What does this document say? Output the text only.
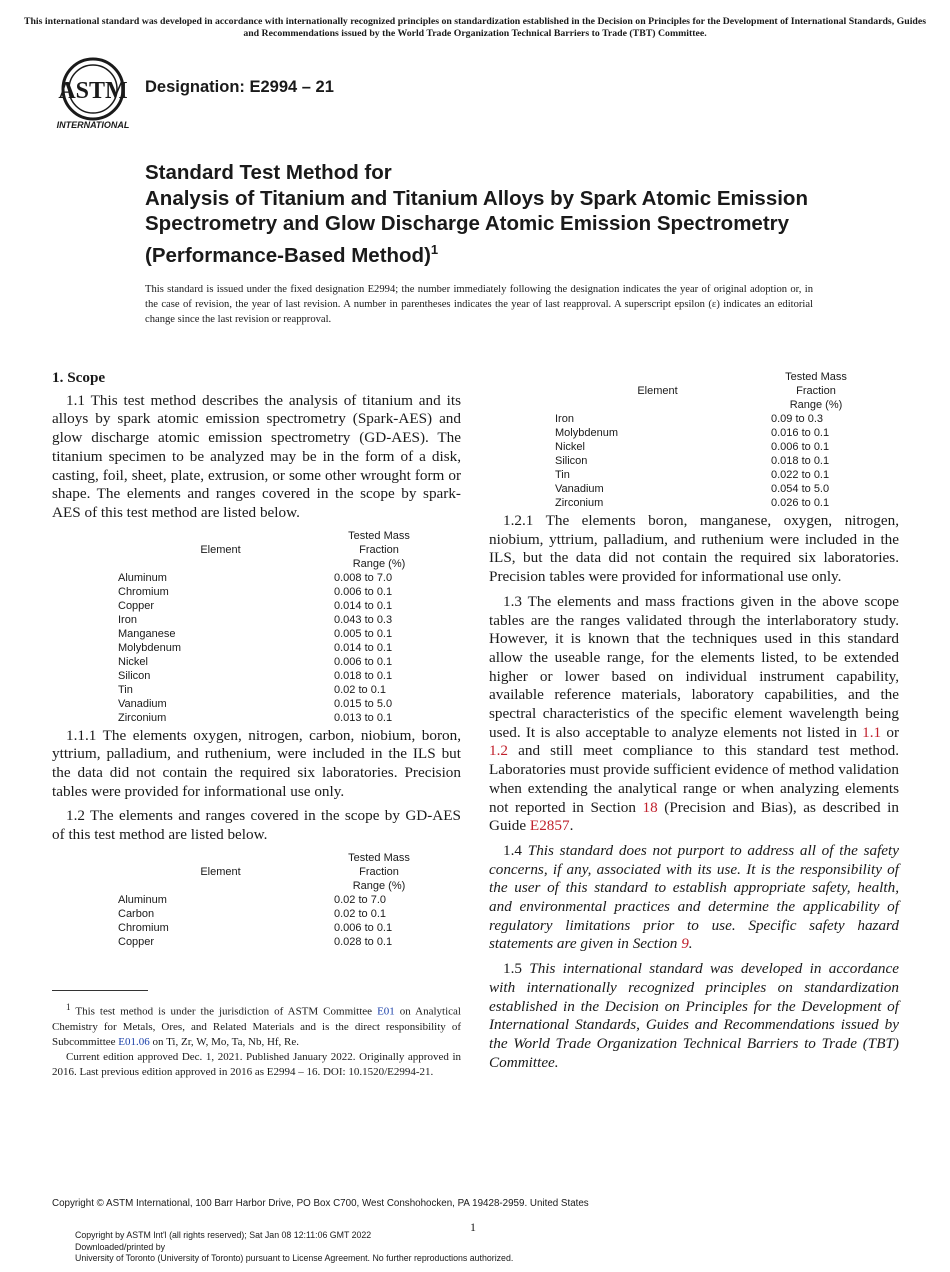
This international standard was developed in accordance with internationally recognized principles on standardization established in the Decision on Principles for the Development of International Standards, Guides and Recommendations issued by the World Trade Organization Technical Barriers to Trade (TBT) Committee.
ASTM
INTERNATIONAL
Designation: E2994 – 21
Standard Test Method for
Analysis of Titanium and Titanium Alloys by Spark Atomic Emission Spectrometry and Glow Discharge Atomic Emission Spectrometry (Performance-Based Method)$^1$
This standard is issued under the fixed designation E2994; the number immediately following the designation indicates the year of original adoption or, in the case of revision, the year of last revision. A number in parentheses indicates the year of last reapproval. A superscript epsilon (ε) indicates an editorial change since the last revision or reapproval.

1. Scope

1.1 This test method describes the analysis of titanium and its alloys by spark atomic emission spectrometry (Spark-AES) and glow discharge atomic emission spectrometry (GD-AES). The titanium specimen to be analyzed may be in the form of a disk, casting, foil, sheet, plate, extrusion, or some other wrought form or shape. The elements and ranges covered in the scope by spark-AES of this test method are listed below.

Element	Tested Mass
Fraction
Range (%)

Aluminum	0.008 to 7.0
Chromium	0.006 to 0.1
Copper	0.014 to 0.1
Iron	0.043 to 0.3
Manganese	0.005 to 0.1
Molybdenum	0.014 to 0.1
Nickel	0.006 to 0.1
Silicon	0.018 to 0.1
Tin	0.02 to 0.1
Vanadium	0.015 to 5.0
Zirconium	0.013 to 0.1

1.1.1 The elements oxygen, nitrogen, carbon, niobium, boron, yttrium, palladium, and ruthenium, were included in the ILS but the data did not contain the required six laboratories. Precision tables were provided for informational use only.

1.2 The elements and ranges covered in the scope by GD-AES of this test method are listed below.

Element	Tested Mass
Fraction
Range (%)

Aluminum	0.02 to 7.0
Carbon	0.02 to 0.1
Chromium	0.006 to 0.1
Copper	0.028 to 0.1

$^1$ This test method is under the jurisdiction of ASTM Committee E01 on Analytical Chemistry for Metals, Ores, and Related Materials and is the direct responsibility of Subcommittee E01.06 on Ti, Zr, W, Mo, Ta, Nb, Hf, Re.

Current edition approved Dec. 1, 2021. Published January 2022. Originally approved in 2016. Last previous edition approved in 2016 as E2994 – 16. DOI: 10.1520/E2994-21.

Element	Tested Mass
Fraction
Range (%)

Iron	0.09 to 0.3
Molybdenum	0.016 to 0.1
Nickel	0.006 to 0.1
Silicon	0.018 to 0.1
Tin	0.022 to 0.1
Vanadium	0.054 to 5.0
Zirconium	0.026 to 0.1

1.2.1 The elements boron, manganese, oxygen, nitrogen, niobium, yttrium, palladium, and ruthenium were included in the ILS, but the data did not contain the required six laboratories. Precision tables were provided for informational use only.

1.3 The elements and mass fractions given in the above scope tables are the ranges validated through the interlaboratory study. However, it is known that the techniques used in this standard allow the useable range, for the elements listed, to be extended higher or lower based on individual instrument capability, available reference materials, laboratory capabilities, and the spectral characteristics of the specific element wavelength being used. It is also acceptable to analyze elements not listed in 1.1 or 1.2 and still meet compliance to this standard test method. Laboratories must provide sufficient evidence of method validation when extending the analytical range or when analyzing elements not reported in Section 18 (Precision and Bias), as described in Guide E2857.

1.4 This standard does not purport to address all of the safety concerns, if any, associated with its use. It is the responsibility of the user of this standard to establish appropriate safety, health, and environmental practices and determine the applicability of regulatory limitations prior to use. Specific safety hazard statements are given in Section 9.

1.5 This international standard was developed in accordance with internationally recognized principles on standardization established in the Decision on Principles for the Development of International Standards, Guides and Recommendations issued by the World Trade Organization Technical Barriers to Trade (TBT) Committee.

Copyright © ASTM International, 100 Barr Harbor Drive, PO Box C700, West Conshohocken, PA 19428-2959. United States
1
Copyright by ASTM Int'l (all rights reserved); Sat Jan 08 12:11:06 GMT 2022
Downloaded/printed by
University of Toronto (University of Toronto) pursuant to License Agreement. No further reproductions authorized.
